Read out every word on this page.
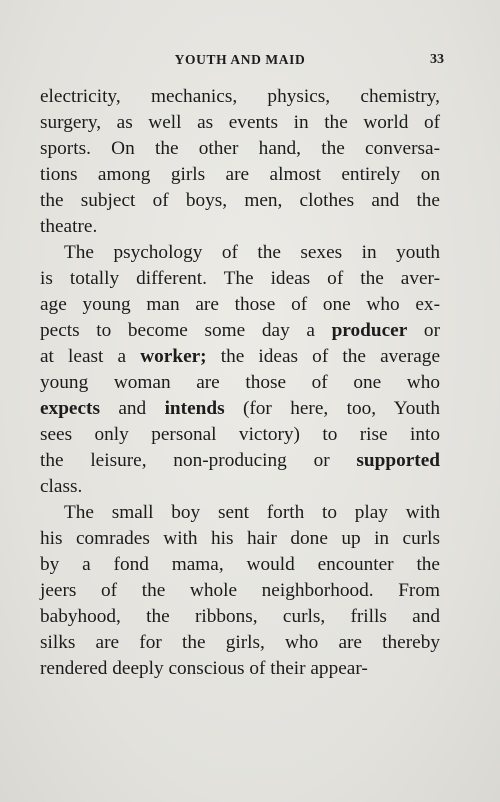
YOUTH AND MAID	33
electricity, mechanics, physics, chemistry,
surgery, as well as events in the world of
sports. On the other hand, the conversa-
tions among girls are almost entirely on
the subject of boys, men, clothes and the
theatre.
The psychology of the sexes in youth
is totally different. The ideas of the aver-
age young man are those of one who ex-
pects to become some day a producer or
at least a worker; the ideas of the average
young woman are those of one who
expects and intends (for here, too, Youth
sees only personal victory) to rise into
the leisure, non-producing or supported
class.
The small boy sent forth to play with
his comrades with his hair done up in curls
by a fond mama, would encounter the
jeers of the whole neighborhood. From
babyhood, the ribbons, curls, frills and
silks are for the girls, who are thereby
rendered deeply conscious of their appear-
